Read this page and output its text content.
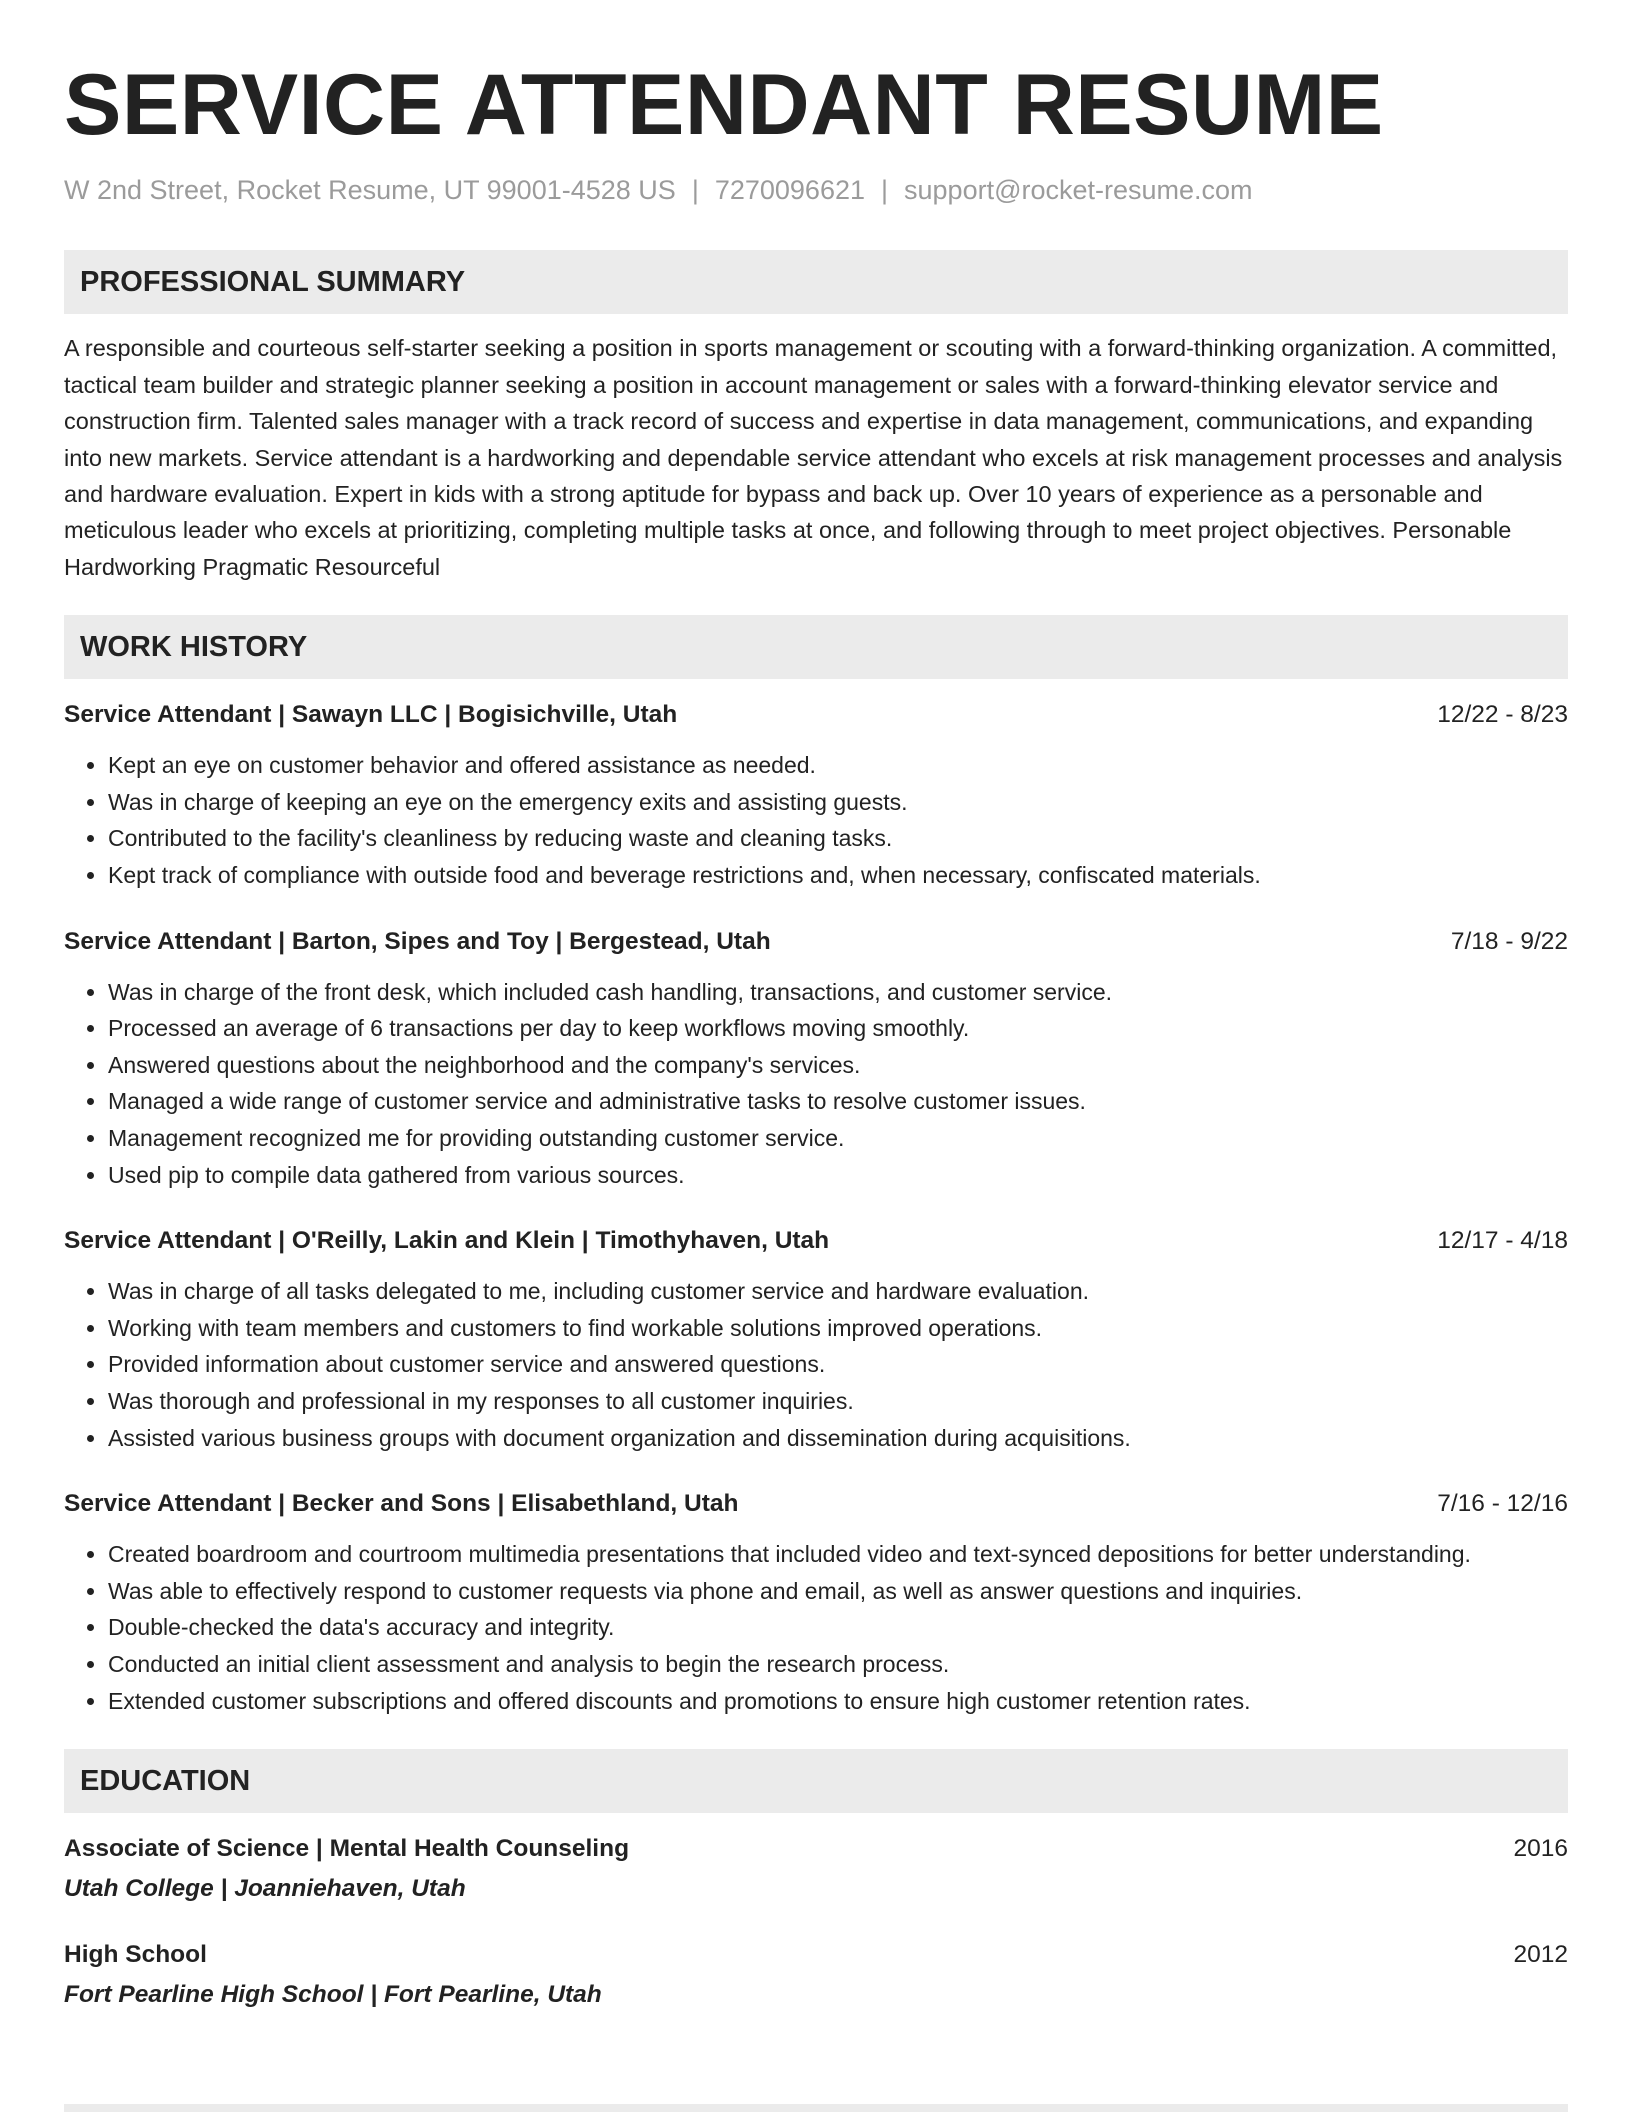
SERVICE ATTENDANT RESUME
W 2nd Street, Rocket Resume, UT 99001-4528 US | 7270096621 | support@rocket-resume.com
PROFESSIONAL SUMMARY
A responsible and courteous self-starter seeking a position in sports management or scouting with a forward-thinking organization. A committed, tactical team builder and strategic planner seeking a position in account management or sales with a forward-thinking elevator service and construction firm. Talented sales manager with a track record of success and expertise in data management, communications, and expanding into new markets. Service attendant is a hardworking and dependable service attendant who excels at risk management processes and analysis and hardware evaluation. Expert in kids with a strong aptitude for bypass and back up. Over 10 years of experience as a personable and meticulous leader who excels at prioritizing, completing multiple tasks at once, and following through to meet project objectives. Personable Hardworking Pragmatic Resourceful
WORK HISTORY
Service Attendant | Sawayn LLC | Bogisichville, Utah	12/22 - 8/23
• Kept an eye on customer behavior and offered assistance as needed.
• Was in charge of keeping an eye on the emergency exits and assisting guests.
• Contributed to the facility's cleanliness by reducing waste and cleaning tasks.
• Kept track of compliance with outside food and beverage restrictions and, when necessary, confiscated materials.
Service Attendant | Barton, Sipes and Toy | Bergestead, Utah	7/18 - 9/22
• Was in charge of the front desk, which included cash handling, transactions, and customer service.
• Processed an average of 6 transactions per day to keep workflows moving smoothly.
• Answered questions about the neighborhood and the company's services.
• Managed a wide range of customer service and administrative tasks to resolve customer issues.
• Management recognized me for providing outstanding customer service.
• Used pip to compile data gathered from various sources.
Service Attendant | O'Reilly, Lakin and Klein | Timothyhaven, Utah	12/17 - 4/18
• Was in charge of all tasks delegated to me, including customer service and hardware evaluation.
• Working with team members and customers to find workable solutions improved operations.
• Provided information about customer service and answered questions.
• Was thorough and professional in my responses to all customer inquiries.
• Assisted various business groups with document organization and dissemination during acquisitions.
Service Attendant | Becker and Sons | Elisabethland, Utah	7/16 - 12/16
• Created boardroom and courtroom multimedia presentations that included video and text-synced depositions for better understanding.
• Was able to effectively respond to customer requests via phone and email, as well as answer questions and inquiries.
• Double-checked the data's accuracy and integrity.
• Conducted an initial client assessment and analysis to begin the research process.
• Extended customer subscriptions and offered discounts and promotions to ensure high customer retention rates.
EDUCATION
Associate of Science | Mental Health Counseling	2016
Utah College | Joanniehaven, Utah
High School	2012
Fort Pearline High School | Fort Pearline, Utah
